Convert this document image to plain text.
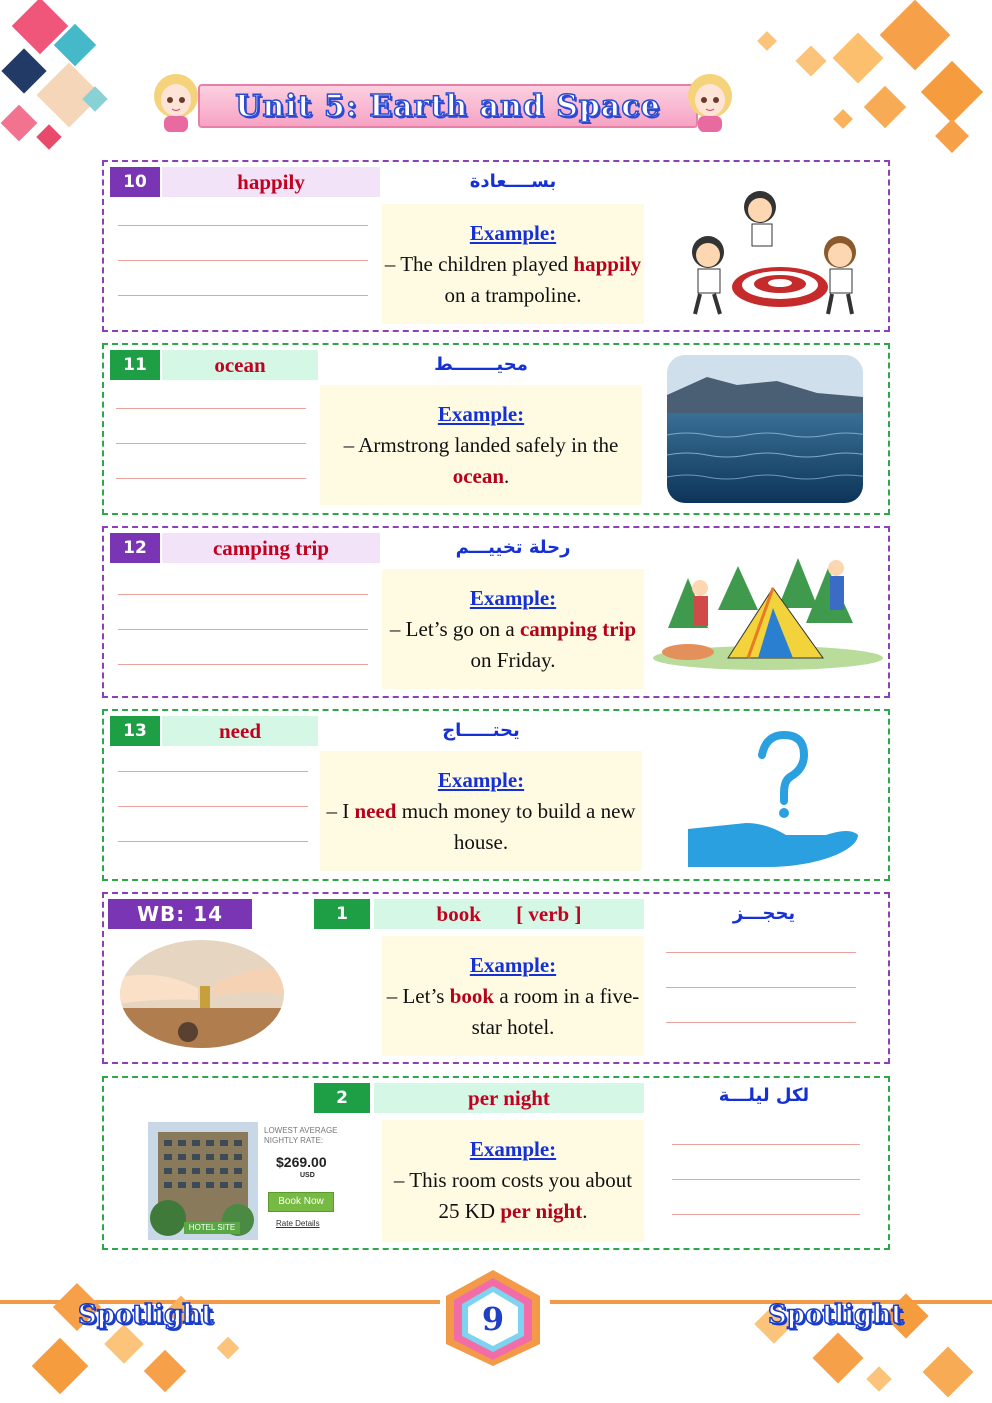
Unit 5: Earth and Space
10	happily	بســــعادة
Example:
– The children played happily on a trampoline.
11	ocean	محيـــــــط
Example:
– Armstrong landed safely in the ocean.
12	camping trip	رحلة تخييـــم
Example:
– Let’s go on a camping trip on Friday.
13	need	يحتـــــاج
Example:
– I need much money to build a new house.
WB: 14	1	book [ verb ]	يحجـــز
Example:
– Let’s book a room in a five-star hotel.
2	per night	لكل ليلـــة
Example:
– This room costs you about 25 KD per night.
HOTEL SITE
LOWEST AVERAGE NIGHTLY RATE:
$269.00
USD
Book Now
Rate Details
Spotlight	Spotlight
9
